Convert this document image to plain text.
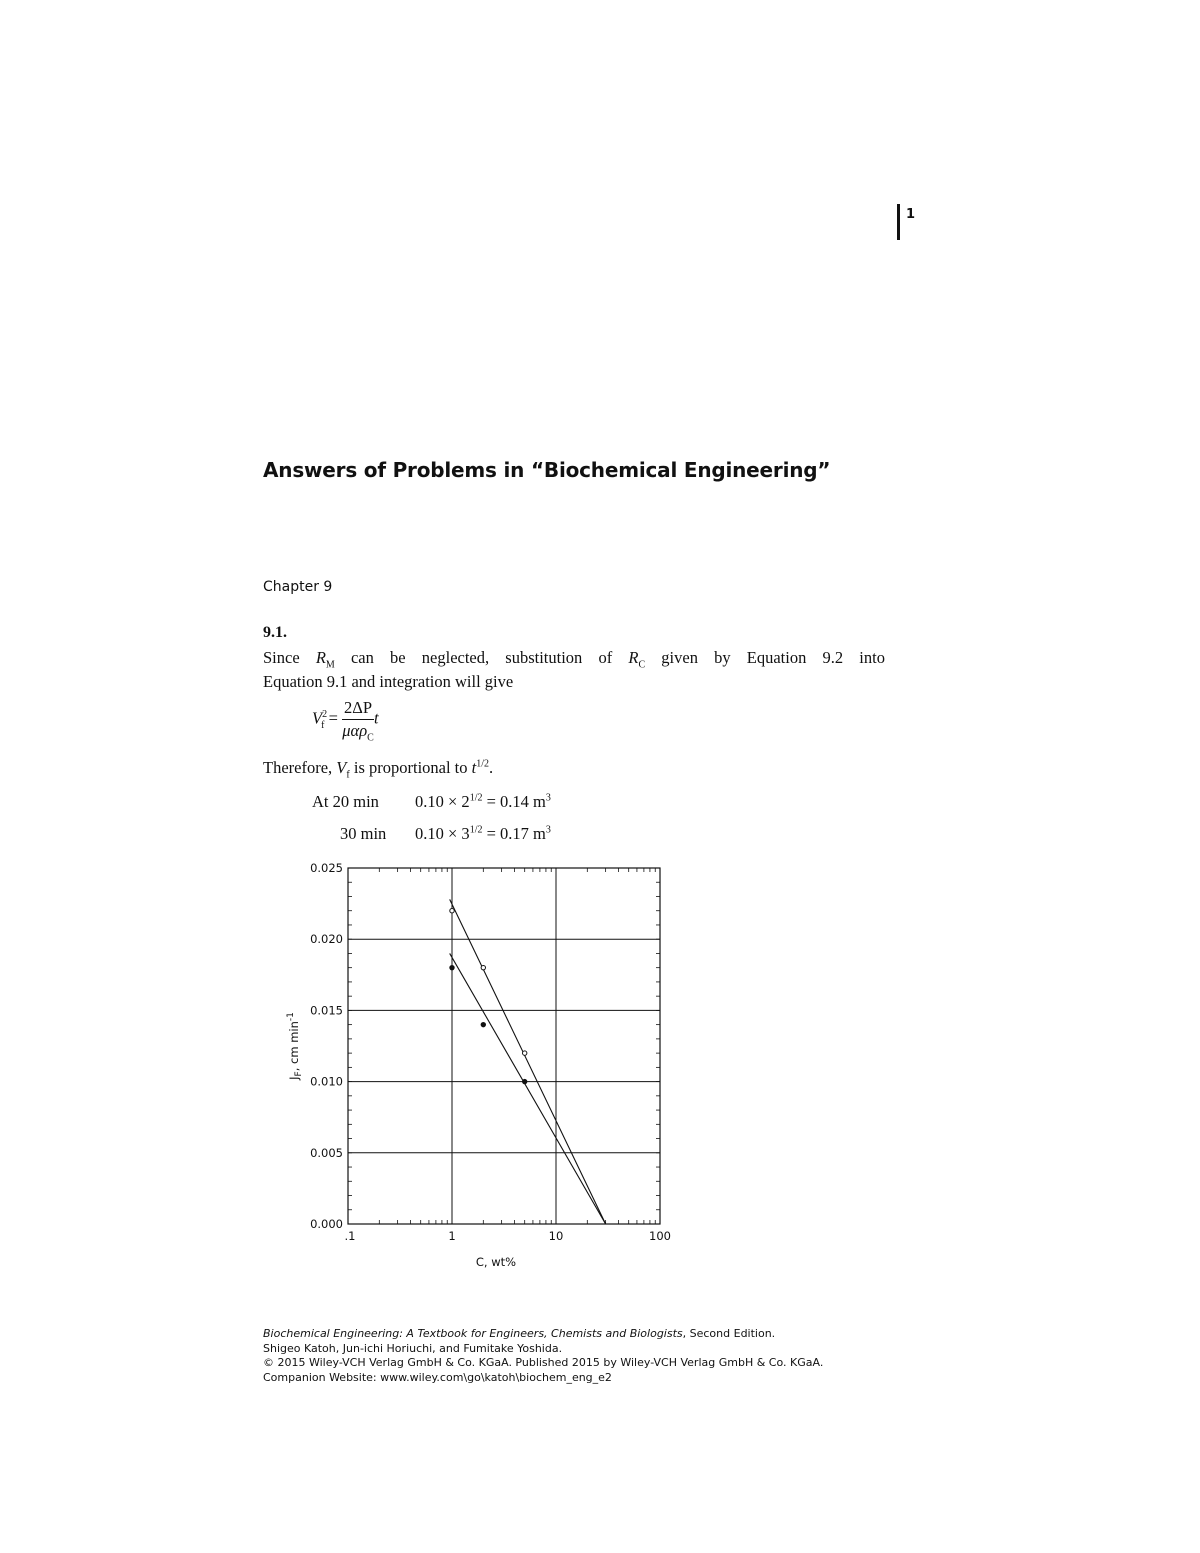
1
Answers of Problems in “Biochemical Engineering”
Chapter 9
9.1.
Since $R_M$ can be neglected, substitution of $R_C$ given by Equation 9.2 into
Equation 9.1 and integration will give
$V^2_f = \frac{2\Delta P}{\mu\alpha\rho_C}$ t
Therefore, $V_f$ is proportional to $t^{1/2}$.
At 20 $\min 0.10 \times 2^{1/2} = 0.14$ $m^3$
30 $\min 0.10 \times 3^{1/2} = 0.17$ $m^3$
.1	1	10	100
0.000
0.005
0.010
0.015
0.020
0.025
C, wt%
$J_F$, cm $\min^{-1}$
Biochemical Engineering: A Textbook for Engineers, Chemists and Biologists, Second Edition.
Shigeo Katoh, Jun-ichi Horiuchi, and Fumitake Yoshida.
© 2015 Wiley-VCH Verlag GmbH & Co. KGaA. Published 2015 by Wiley-VCH Verlag GmbH & Co. KGaA.
Companion Website: www.wiley.com\go\katoh\biochem_eng_e2
